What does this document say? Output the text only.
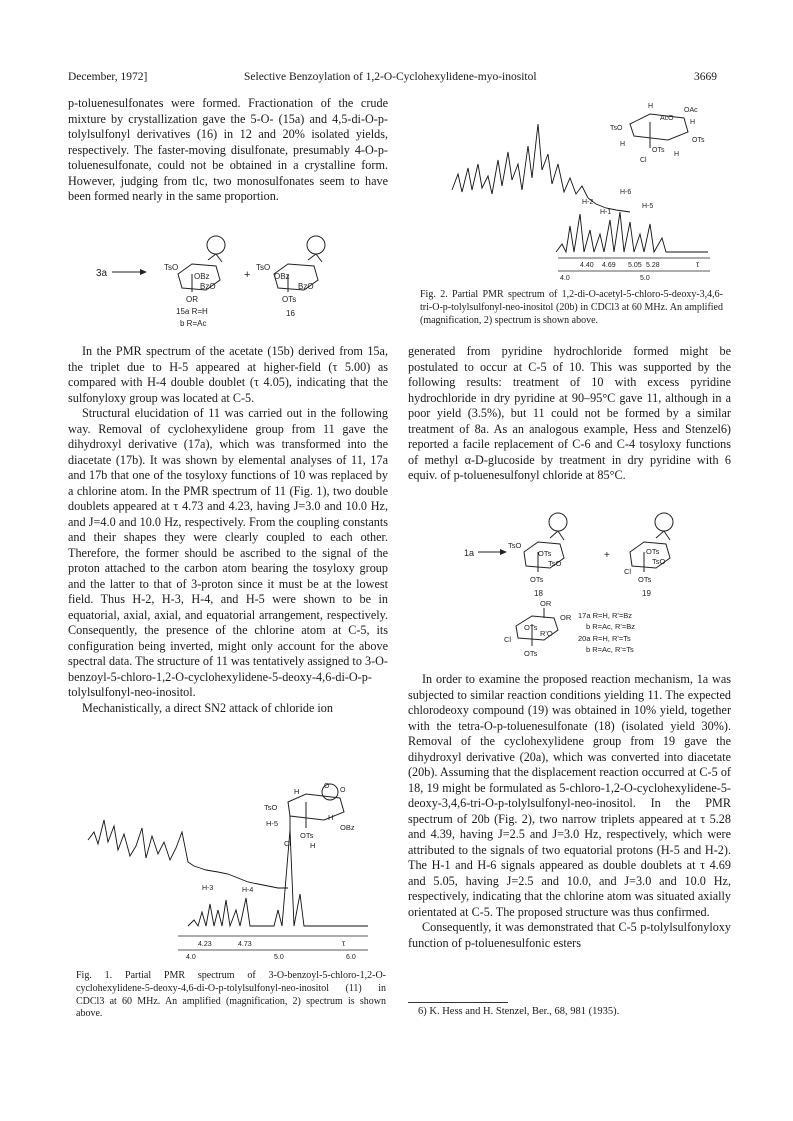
December, 1972]	Selective Benzoylation of 1,2-O-Cyclohexylidene-myo-inositol	3669

p-toluenesulfonates were formed. Fractionation of the crude mixture by crystallization gave the 5-O- (15a) and 4,5-di-O-p-tolylsulfonyl derivatives (16) in 12 and 20% isolated yields, respectively. The faster-moving disulfonate, presumably 4-O-p-toluenesulfonate, could not be obtained in a crystalline form. However, judging from tlc, two monosulfonates seem to have been formed nearly in the same proportion.

3a
TsO
OBz
BzO
OR
15a R=H
b R=Ac
+
TsO
OBz
BzO
OTs
16

In the PMR spectrum of the acetate (15b) derived from 15a, the triplet due to H-5 appeared at higher-field (τ 5.00) as compared with H-4 double doublet (τ 4.05), indicating that the sulfonyloxy group was located at C-5.

Structural elucidation of 11 was carried out in the following way. Removal of cyclohexylidene group from 11 gave the dihydroxyl derivative (17a), which was transformed into the diacetate (17b). It was shown by elemental analyses of 11, 17a and 17b that one of the tosyloxy functions of 10 was replaced by a chlorine atom. In the PMR spectrum of 11 (Fig. 1), two double doublets appeared at τ 4.73 and 4.23, having J=3.0 and 10.0 Hz, and J=4.0 and 10.0 Hz, respectively. From the coupling constants and their shapes they were clearly coupled to each other. Therefore, the former should be ascribed to the signal of the proton attached to the carbon atom bearing the tosyloxy group and the latter to that of 3-proton since it must be at the lowest field. Thus H-2, H-3, H-4, and H-5 were shown to be in equatorial, axial, axial, and equatorial arrangement, respectively. Consequently, the presence of the chlorine atom at C-5, its configuration being inverted, might only account for the above spectral data. The structure of 11 was tentatively assigned to 3-O-benzoyl-5-chloro-1,2-O-cyclohexylidene-5-deoxy-4,6-di-O-p-tolylsulfonyl-neo-inositol.

Mechanistically, a direct SN2 attack of chloride ion

TsO
H
H
H-5	OBz
Cl
OTs
H
O
O
H-3	H-4
4.23	4.73	τ
4.0	5.0	6.0
Fig. 1. Partial PMR spectrum of 3-O-benzoyl-5-chloro-1,2-O-cyclohexylidene-5-deoxy-4,6-di-O-p-tolylsulfonyl-neo-inositol (11) in CDCl3 at 60 MHz. An amplified (magnification, 2) spectrum is shown above.
H
AcO
OAc
TsO
H
H
OTs
OTs
Cl
H
H-6
H-2
H-1
H-5
4.40 4.69 5.05 5.28	τ
4.0	5.0
Fig. 2. Partial PMR spectrum of 1,2-di-O-acetyl-5-chloro-5-deoxy-3,4,6-tri-O-p-tolylsulfonyl-neo-inositol (20b) in CDCl3 at 60 MHz. An amplified (magnification, 2) spectrum is shown above.

generated from pyridine hydrochloride formed might be postulated to occur at C-5 of 10. This was supported by the following results: treatment of 10 with excess pyridine hydrochloride in dry pyridine at 90–95°C gave 11, although in a poor yield (3.5%), but 11 could not be formed by a similar treatment of 8a. As an analogous example, Hess and Stenzel6) reported a facile replacement of C-6 and C-4 tosyloxy functions of methyl α-D-glucoside by treatment in dry pyridine with 6 equiv. of p-toluenesulfonyl chloride at 85°C.

1a
TsO
OTs
TsO
OTs
18
+	OTs
TsO
Cl
OTs
19
OR
OR
OTs
R'O
Cl
OTs
17a R=H, R'=Bz
b R=Ac, R'=Bz
20a R=H, R'=Ts
b R=Ac, R'=Ts

In order to examine the proposed reaction mechanism, 1a was subjected to similar reaction conditions yielding 11. The expected chlorodeoxy compound (19) was obtained in 10% yield, together with the tetra-O-p-toluenesulfonate (18) (isolated yield 30%). Removal of the cyclohexylidene group from 19 gave the dihydroxyl derivative (20a), which was converted into diacetate (20b). Assuming that the displacement reaction occurred at C-5 of 18, 19 might be formulated as 5-chloro-1,2-O-cyclohexylidene-5-deoxy-3,4,6-tri-O-p-tolylsulfonyl-neo-inositol. In the PMR spectrum of 20b (Fig. 2), two narrow triplets appeared at τ 5.28 and 4.39, having J=2.5 and J=3.0 Hz, respectively, which were attributed to the signals of two equatorial protons (H-5 and H-2). The H-1 and H-6 signals appeared as double doublets at τ 4.69 and 5.05, having J=2.5 and 10.0, and J=3.0 and 10.0 Hz, respectively, indicating that the chlorine atom was situated axially orientated at C-5. The proposed structure was thus confirmed.

Consequently, it was demonstrated that C-5 p-tolylsulfonyloxy function of p-toluenesulfonic esters

6) K. Hess and H. Stenzel, Ber., 68, 981 (1935).
